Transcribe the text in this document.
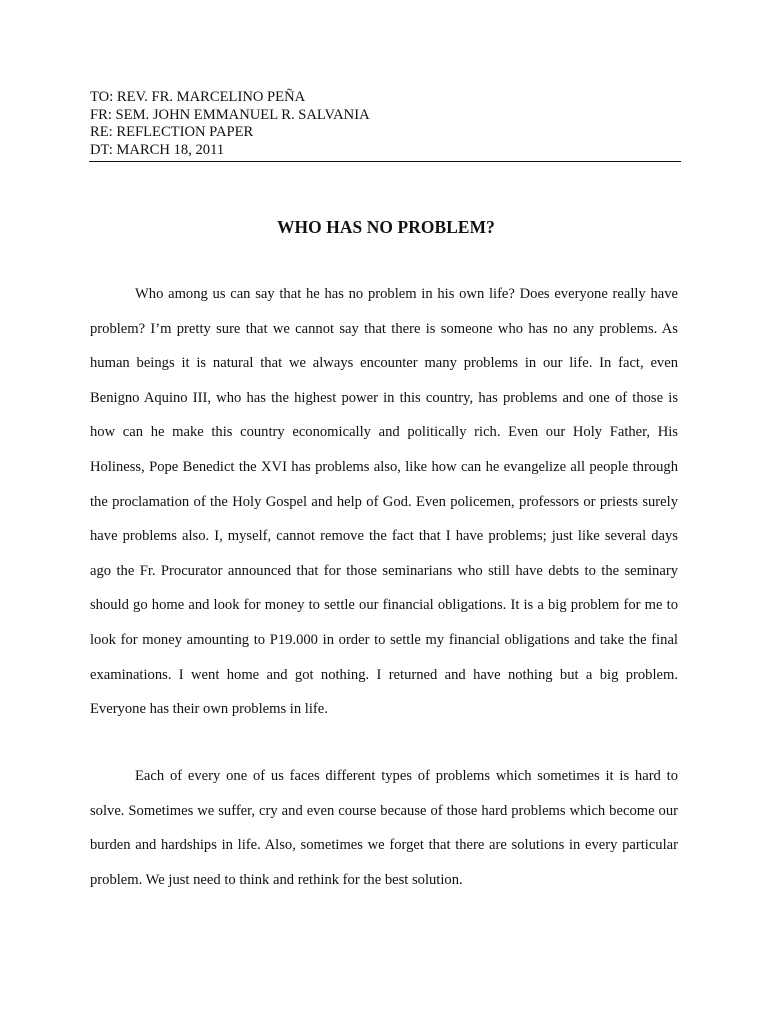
TO: REV. FR. MARCELINO PEÑA
FR: SEM. JOHN EMMANUEL R. SALVANIA
RE: REFLECTION PAPER
DT: MARCH 18, 2011
WHO HAS NO PROBLEM?

Who among us can say that he has no problem in his own life? Does everyone really have problem? I’m pretty sure that we cannot say that there is someone who has no any problems. As human beings it is natural that we always encounter many problems in our life. In fact, even Benigno Aquino III, who has the highest power in this country, has problems and one of those is how can he make this country economically and politically rich. Even our Holy Father, His Holiness, Pope Benedict the XVI has problems also, like how can he evangelize all people through the proclamation of the Holy Gospel and help of God. Even policemen, professors or priests surely have problems also. I, myself, cannot remove the fact that I have problems; just like several days ago the Fr. Procurator announced that for those seminarians who still have debts to the seminary should go home and look for money to settle our financial obligations. It is a big problem for me to look for money amounting to P19.000 in order to settle my financial obligations and take the final examinations. I went home and got nothing. I returned and have nothing but a big problem. Everyone has their own problems in life.

Each of every one of us faces different types of problems which sometimes it is hard to solve. Sometimes we suffer, cry and even course because of those hard problems which become our burden and hardships in life. Also, sometimes we forget that there are solutions in every particular problem. We just need to think and rethink for the best solution.
